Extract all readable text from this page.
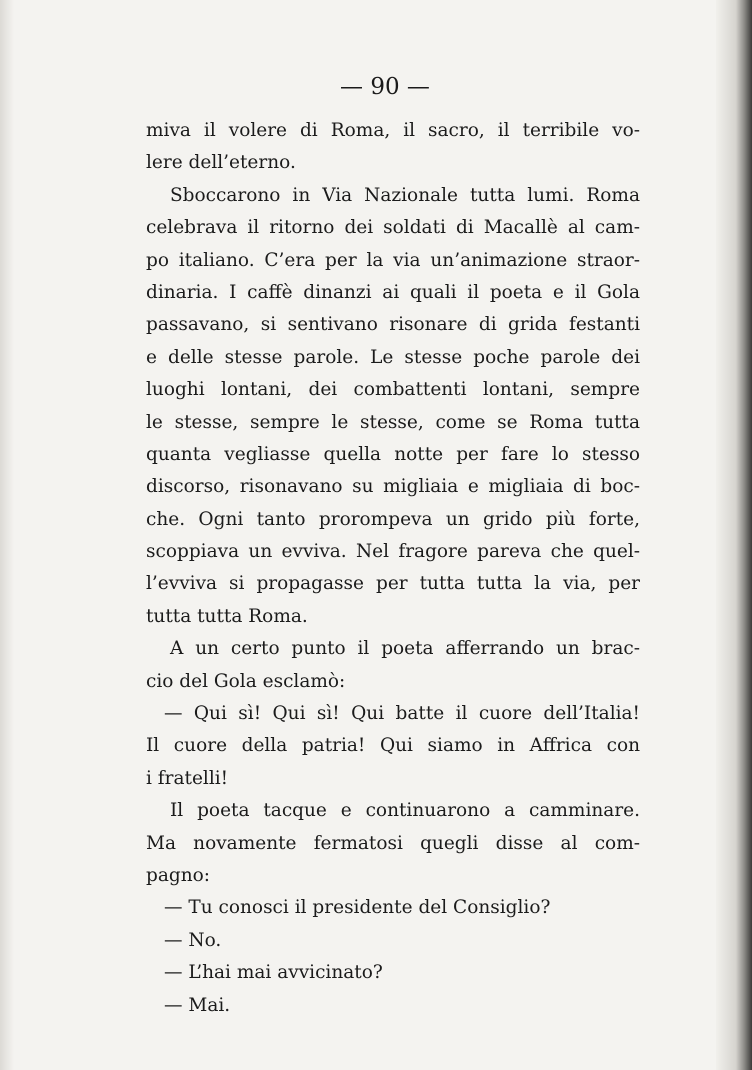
— 90 —
miva il volere di Roma, il sacro, il terribile vo-
lere dell’eterno.
Sboccarono in Via Nazionale tutta lumi. Roma
celebrava il ritorno dei soldati di Macallè al cam-
po italiano. C’era per la via un’animazione straor-
dinaria. I caffè dinanzi ai quali il poeta e il Gola
passavano, si sentivano risonare di grida festanti
e delle stesse parole. Le stesse poche parole dei
luoghi lontani, dei combattenti lontani, sempre
le stesse, sempre le stesse, come se Roma tutta
quanta vegliasse quella notte per fare lo stesso
discorso, risonavano su migliaia e migliaia di boc-
che. Ogni tanto prorompeva un grido più forte,
scoppiava un evviva. Nel fragore pareva che quel-
l’evviva si propagasse per tutta tutta la via, per
tutta tutta Roma.
A un certo punto il poeta afferrando un brac-
cio del Gola esclamò:
— Qui sì! Qui sì! Qui batte il cuore dell’Italia!
Il cuore della patria! Qui siamo in Affrica con
i fratelli!
Il poeta tacque e continuarono a camminare.
Ma novamente fermatosi quegli disse al com-
pagno:
— Tu conosci il presidente del Consiglio?
— No.
— L’hai mai avvicinato?
— Mai.
